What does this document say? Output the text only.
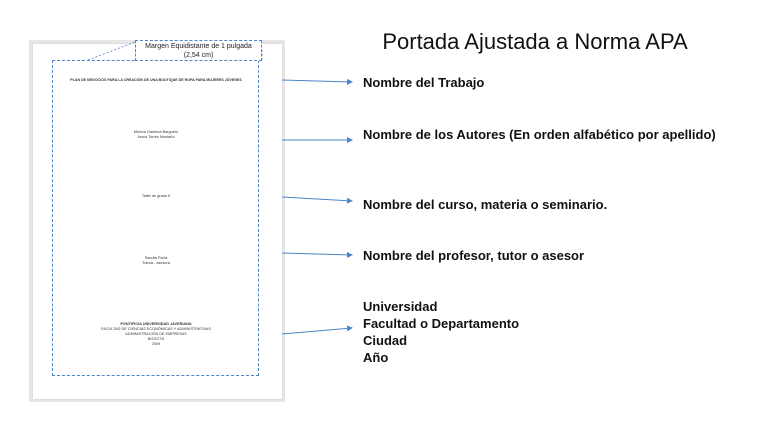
Margen Equidistante de 1 pulgada
(2,54 cm)
PLAN DE NEGOCIOS PARA LA CREACIÓN DE UNA BOUTIQUE DE ROPA PARA MUJERES JÓVENES
Mónica Gamboa Barguero
Jesús Torres Montaño
Taller de grado II
Sandra Parra
Tutora - asesora
PONTIFICIA UNIVERSIDAD JAVERIANA
FACULTAD DE CIENCIAS ECONÓMICAS Y ADMINISTRATIVAS
ADMINISTRACIÓN DE EMPRESAS
BOGOTÁ
2009
Portada Ajustada a Norma APA
Nombre del Trabajo
Nombre de los Autores (En orden alfabético por apellido)
Nombre del curso, materia o seminario.
Nombre del profesor, tutor o asesor
Universidad
Facultad o Departamento
Ciudad
Año
